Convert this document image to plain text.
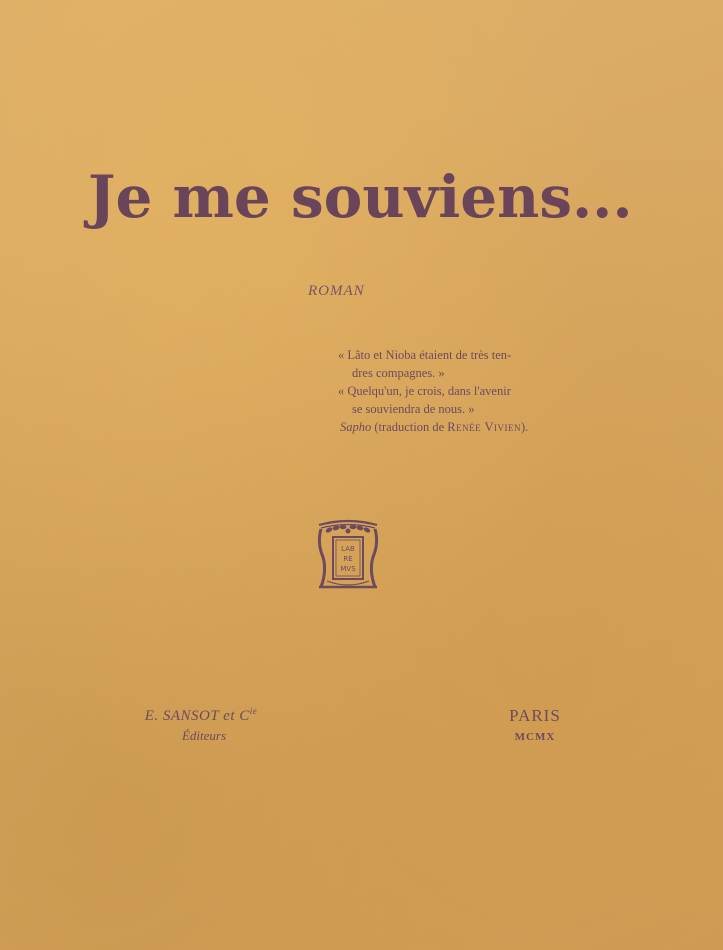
Je me souviens...
ROMAN
« Lâto et Nioba étaient de très ten-
dres compagnes. »
« Quelqu'un, je crois, dans l'avenir
se souviendra de nous. »
Sapho (traduction de Renée Vivien).
LAB
RE
MVS
E. SANSOT et $C^{ie}$
Éditeurs
PARIS
MCMX
